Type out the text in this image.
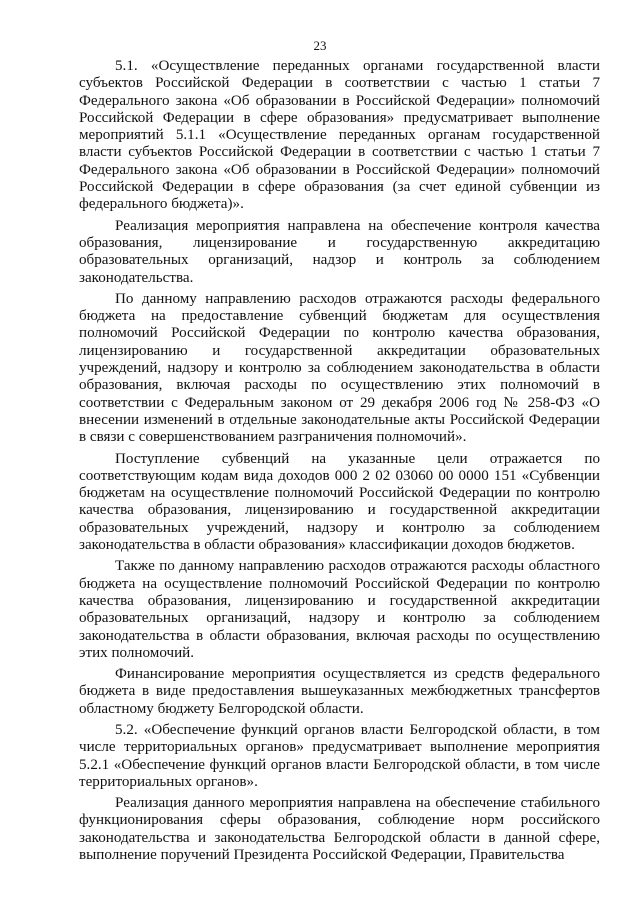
23

5.1. «Осуществление переданных органами государственной власти субъектов Российской Федерации в соответствии с частью 1 статьи 7 Федерального закона «Об образовании в Российской Федерации» полномочий Российской Федерации в сфере образования» предусматривает выполнение мероприятий 5.1.1 «Осуществление переданных органам государственной власти субъектов Российской Федерации в соответствии с частью 1 статьи 7 Федерального закона «Об образовании в Российской Федерации» полномочий Российской Федерации в сфере образования (за счет единой субвенции из федерального бюджета)».

Реализация мероприятия направлена на обеспечение контроля качества образования, лицензирование и государственную аккредитацию образовательных организаций, надзор и контроль за соблюдением законодательства.

По данному направлению расходов отражаются расходы федерального бюджета на предоставление субвенций бюджетам для осуществления полномочий Российской Федерации по контролю качества образования, лицензированию и государственной аккредитации образовательных учреждений, надзору и контролю за соблюдением законодательства в области образования, включая расходы по осуществлению этих полномочий в соответствии с Федеральным законом от 29 декабря 2006 год № 258-ФЗ «О внесении изменений в отдельные законодательные акты Российской Федерации в связи с совершенствованием разграничения полномочий».

Поступление субвенций на указанные цели отражается по соответствующим кодам вида доходов 000 2 02 03060 00 0000 151 «Субвенции бюджетам на осуществление полномочий Российской Федерации по контролю качества образования, лицензированию и государственной аккредитации образовательных учреждений, надзору и контролю за соблюдением законодательства в области образования» классификации доходов бюджетов.

Также по данному направлению расходов отражаются расходы областного бюджета на осуществление полномочий Российской Федерации по контролю качества образования, лицензированию и государственной аккредитации образовательных организаций, надзору и контролю за соблюдением законодательства в области образования, включая расходы по осуществлению этих полномочий.

Финансирование мероприятия осуществляется из средств федерального бюджета в виде предоставления вышеуказанных межбюджетных трансфертов областному бюджету Белгородской области.

5.2. «Обеспечение функций органов власти Белгородской области, в том числе территориальных органов» предусматривает выполнение мероприятия 5.2.1 «Обеспечение функций органов власти Белгородской области, в том числе территориальных органов».

Реализация данного мероприятия направлена на обеспечение стабильного функционирования сферы образования, соблюдение норм российского законодательства и законодательства Белгородской области в данной сфере, выполнение поручений Президента Российской Федерации, Правительства
